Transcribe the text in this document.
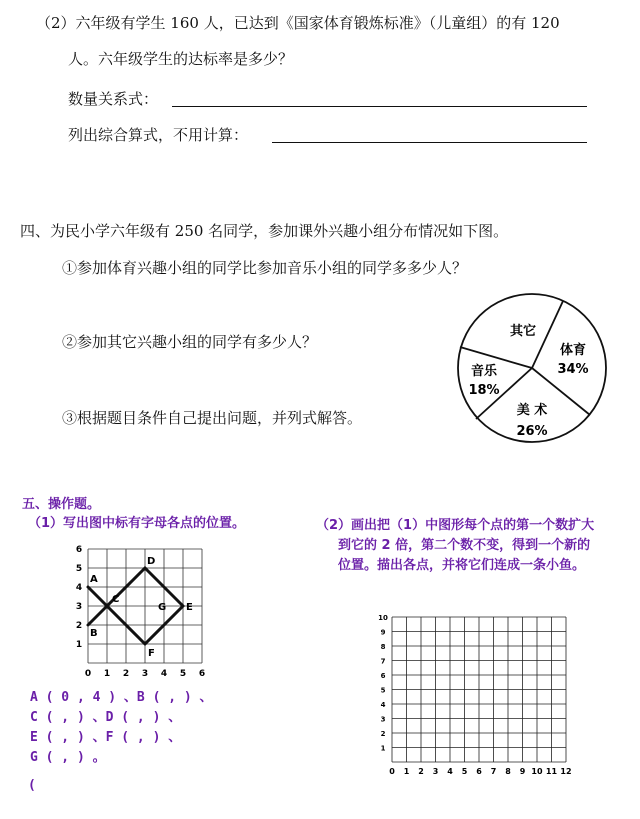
（2）六年级有学生 160 人，已达到《国家体育锻炼标准》（儿童组）的有 120
人。六年级学生的达标率是多少？
数量关系式：
列出综合算式，不用计算：
四、为民小学六年级有 250 名同学，参加课外兴趣小组分布情况如下图。
①参加体育兴趣小组的同学比参加音乐小组的同学多多少人？
②参加其它兴趣小组的同学有多少人？
③根据题目条件自己提出问题，并列式解答。
其它
体育
34%
美 术
26%
音乐
18%
五、操作题。
（1）写出图中标有字母各点的位置。	（2）画出把（1）中图形每个点的第一个数扩大
到它的 2 倍，第二个数不变，得到一个新的
位置。描出各点，并将它们连成一条小鱼。
0 1 2 3 4 5 6
1
2
3
4
5
6
A
B
C
D
E
F
G
A ( 0 , 4 ) 、B ( , ) 、
C ( , ) 、D ( , ) 、
E ( , ) 、F ( , ) 、
G ( , ) 。
(
0 1 2 3 4 5 6 7 8 9 10 11 12
1
2
3
4
5
6
7
8
9
10
